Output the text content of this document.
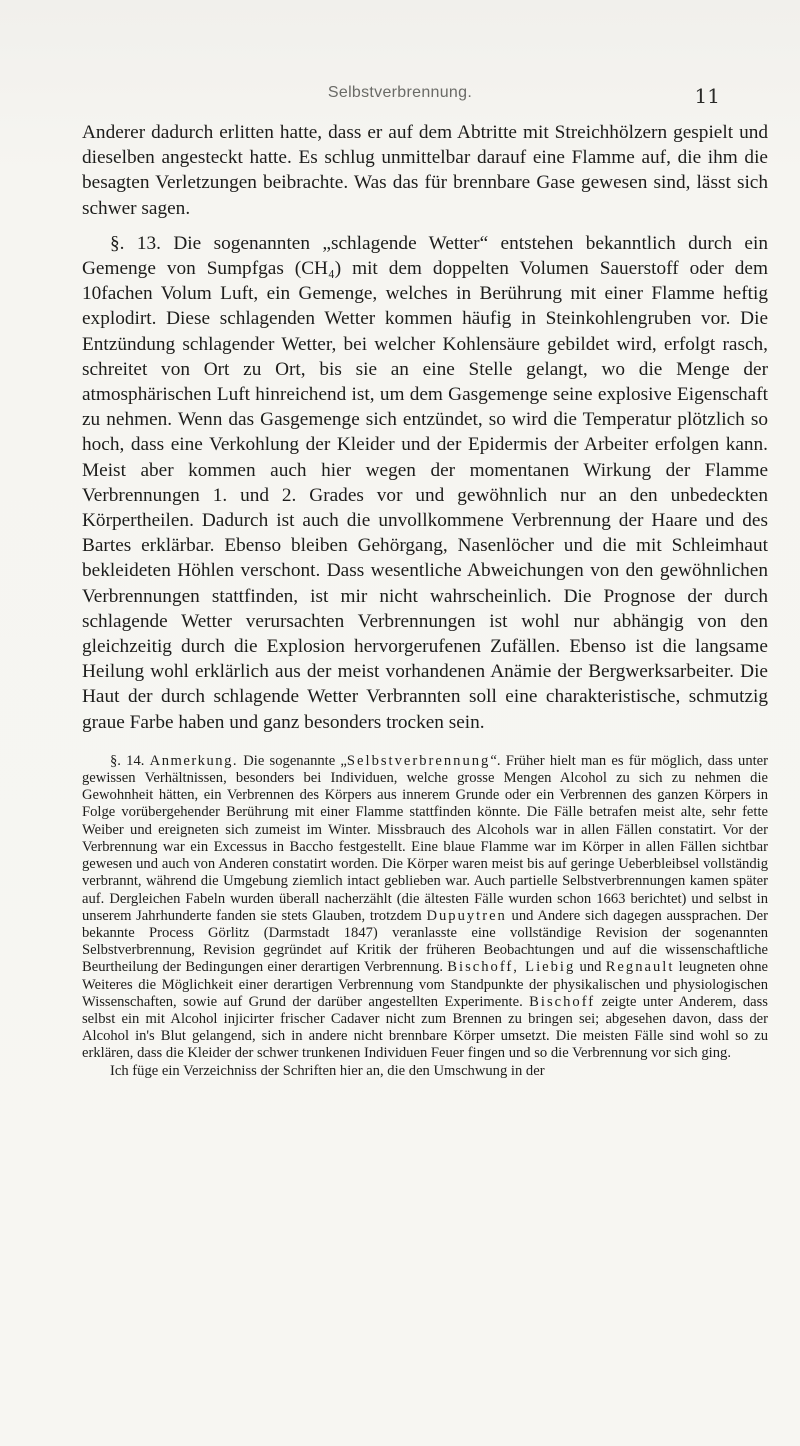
Selbstverbrennung.	11

Anderer dadurch erlitten hatte, dass er auf dem Abtritte mit Streichhölzern gespielt und dieselben angesteckt hatte. Es schlug unmittelbar darauf eine Flamme auf, die ihm die besagten Verletzungen beibrachte. Was das für brennbare Gase gewesen sind, lässt sich schwer sagen.

§. 13. Die sogenannten „schlagende Wetter“ entstehen bekanntlich durch ein Gemenge von Sumpfgas (CH₄) mit dem doppelten Volumen Sauerstoff oder dem 10fachen Volum Luft, ein Gemenge, welches in Berührung mit einer Flamme heftig explodirt. Diese schlagenden Wetter kommen häufig in Steinkohlengruben vor. Die Entzündung schlagender Wetter, bei welcher Kohlensäure gebildet wird, erfolgt rasch, schreitet von Ort zu Ort, bis sie an eine Stelle gelangt, wo die Menge der atmosphärischen Luft hinreichend ist, um dem Gasgemenge seine explosive Eigenschaft zu nehmen. Wenn das Gasgemenge sich entzündet, so wird die Temperatur plötzlich so hoch, dass eine Verkohlung der Kleider und der Epidermis der Arbeiter erfolgen kann. Meist aber kommen auch hier wegen der momentanen Wirkung der Flamme Verbrennungen 1. und 2. Grades vor und gewöhnlich nur an den unbedeckten Körpertheilen. Dadurch ist auch die unvollkommene Verbrennung der Haare und des Bartes erklärbar. Ebenso bleiben Gehörgang, Nasenlöcher und die mit Schleimhaut bekleideten Höhlen verschont. Dass wesentliche Abweichungen von den gewöhnlichen Verbrennungen stattfinden, ist mir nicht wahrscheinlich. Die Prognose der durch schlagende Wetter verursachten Verbrennungen ist wohl nur abhängig von den gleichzeitig durch die Explosion hervorgerufenen Zufällen. Ebenso ist die langsame Heilung wohl erklärlich aus der meist vorhandenen Anämie der Bergwerksarbeiter. Die Haut der durch schlagende Wetter Verbrannten soll eine charakteristische, schmutzig graue Farbe haben und ganz besonders trocken sein.

§. 14. Anmerkung. Die sogenannte „Selbstverbrennung“. Früher hielt man es für möglich, dass unter gewissen Verhältnissen, besonders bei Individuen, welche grosse Mengen Alcohol zu sich zu nehmen die Gewohnheit hätten, ein Verbrennen des Körpers aus innerem Grunde oder ein Verbrennen des ganzen Körpers in Folge vorübergehender Berührung mit einer Flamme stattfinden könnte. Die Fälle betrafen meist alte, sehr fette Weiber und ereigneten sich zumeist im Winter. Missbrauch des Alcohols war in allen Fällen constatirt. Vor der Verbrennung war ein Excessus in Baccho festgestellt. Eine blaue Flamme war im Körper in allen Fällen sichtbar gewesen und auch von Anderen constatirt worden. Die Körper waren meist bis auf geringe Ueberbleibsel vollständig verbrannt, während die Umgebung ziemlich intact geblieben war. Auch partielle Selbstverbrennungen kamen später auf. Dergleichen Fabeln wurden überall nacherzählt (die ältesten Fälle wurden schon 1663 berichtet) und selbst in unserem Jahrhunderte fanden sie stets Glauben, trotzdem Dupuytren und Andere sich dagegen aussprachen. Der bekannte Process Görlitz (Darmstadt 1847) veranlasste eine vollständige Revision der sogenannten Selbstverbrennung, Revision gegründet auf Kritik der früheren Beobachtungen und auf die wissenschaftliche Beurtheilung der Bedingungen einer derartigen Verbrennung. Bischoff, Liebig und Regnault leugneten ohne Weiteres die Möglichkeit einer derartigen Verbrennung vom Standpunkte der physikalischen und physiologischen Wissenschaften, sowie auf Grund der darüber angestellten Experimente. Bischoff zeigte unter Anderem, dass selbst ein mit Alcohol injicirter frischer Cadaver nicht zum Brennen zu bringen sei; abgesehen davon, dass der Alcohol in's Blut gelangend, sich in andere nicht brennbare Körper umsetzt. Die meisten Fälle sind wohl so zu erklären, dass die Kleider der schwer trunkenen Individuen Feuer fingen und so die Verbrennung vor sich ging.
Ich füge ein Verzeichniss der Schriften hier an, die den Umschwung in der
